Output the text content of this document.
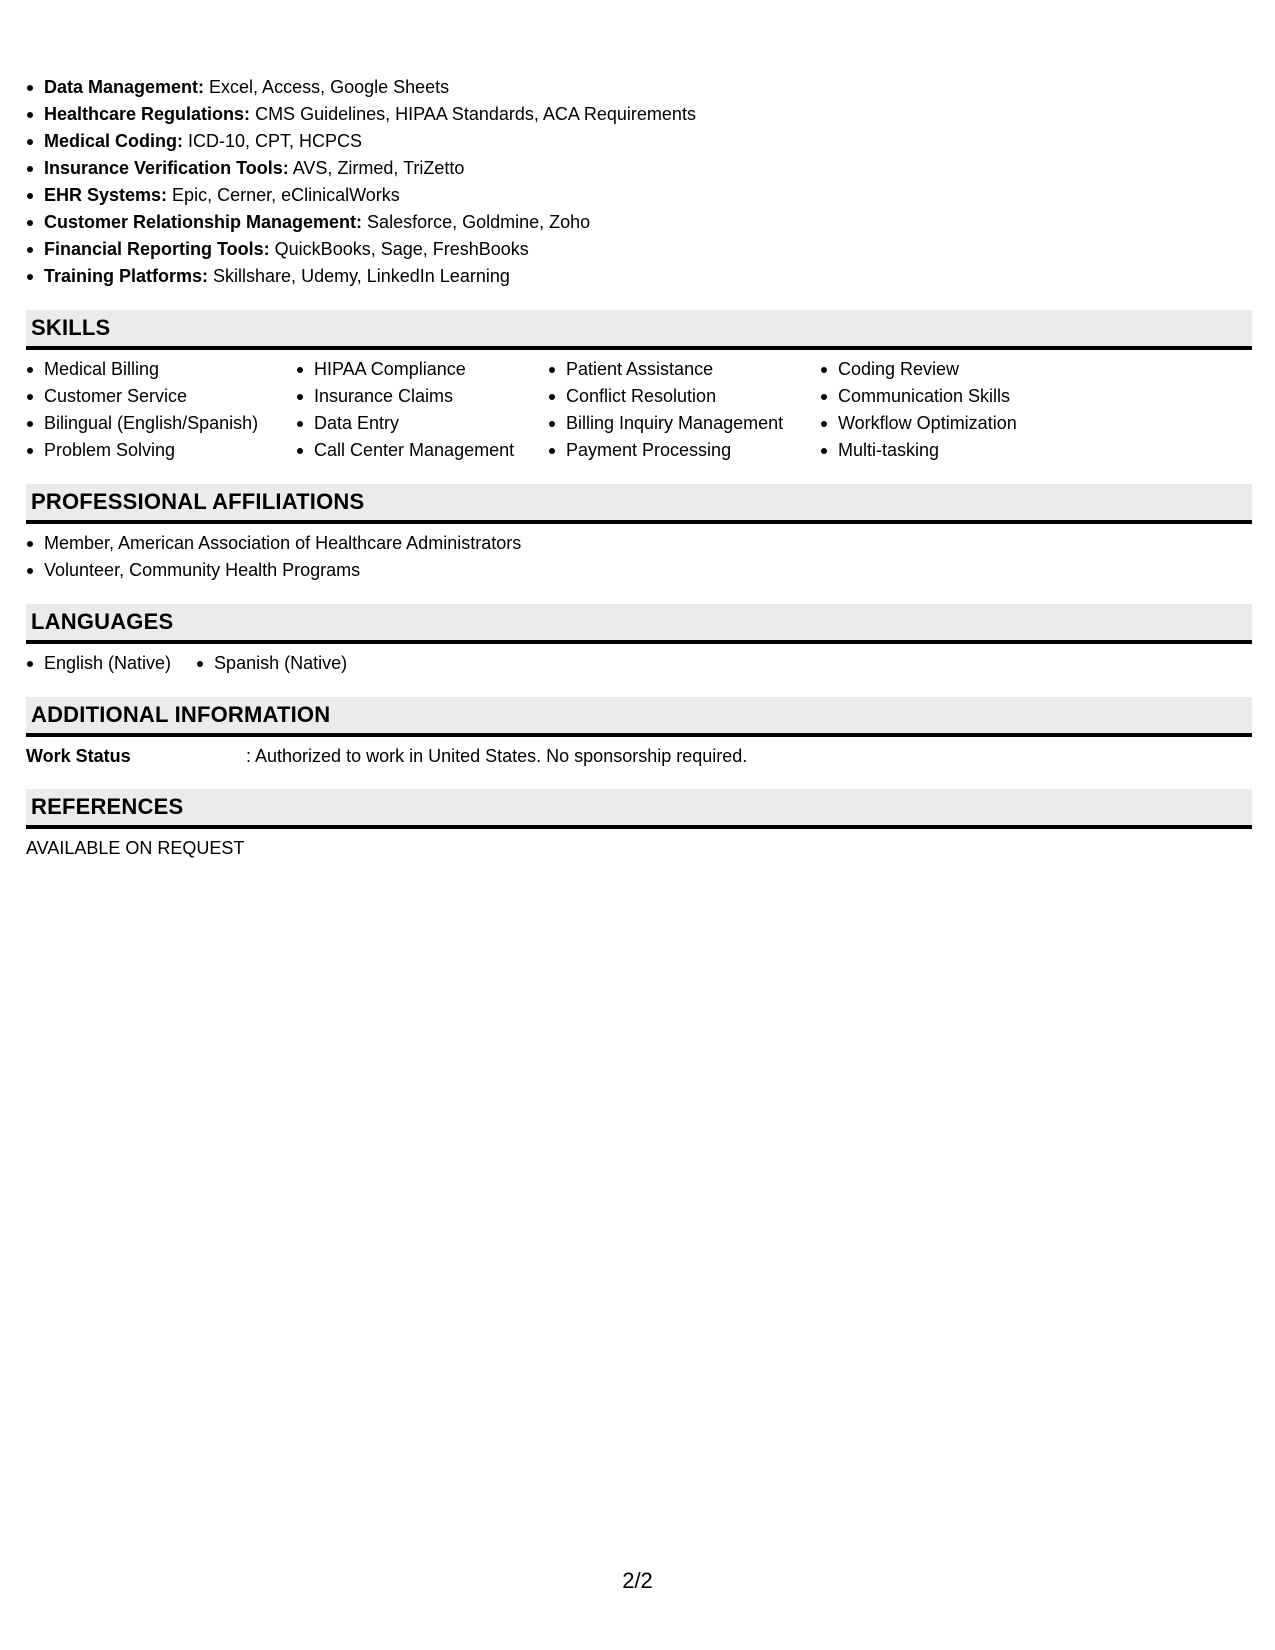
Data Management: Excel, Access, Google Sheets
Healthcare Regulations: CMS Guidelines, HIPAA Standards, ACA Requirements
Medical Coding: ICD-10, CPT, HCPCS
Insurance Verification Tools: AVS, Zirmed, TriZetto
EHR Systems: Epic, Cerner, eClinicalWorks
Customer Relationship Management: Salesforce, Goldmine, Zoho
Financial Reporting Tools: QuickBooks, Sage, FreshBooks
Training Platforms: Skillshare, Udemy, LinkedIn Learning
SKILLS
Medical Billing
Customer Service
Bilingual (English/Spanish)
Problem Solving
HIPAA Compliance
Insurance Claims
Data Entry
Call Center Management
Patient Assistance
Conflict Resolution
Billing Inquiry Management
Payment Processing
Coding Review
Communication Skills
Workflow Optimization
Multi-tasking
PROFESSIONAL AFFILIATIONS
Member, American Association of Healthcare Administrators
Volunteer, Community Health Programs
LANGUAGES
English (Native)	Spanish (Native)
ADDITIONAL INFORMATION
Work Status	: Authorized to work in United States. No sponsorship required.
REFERENCES
AVAILABLE ON REQUEST
2/2
